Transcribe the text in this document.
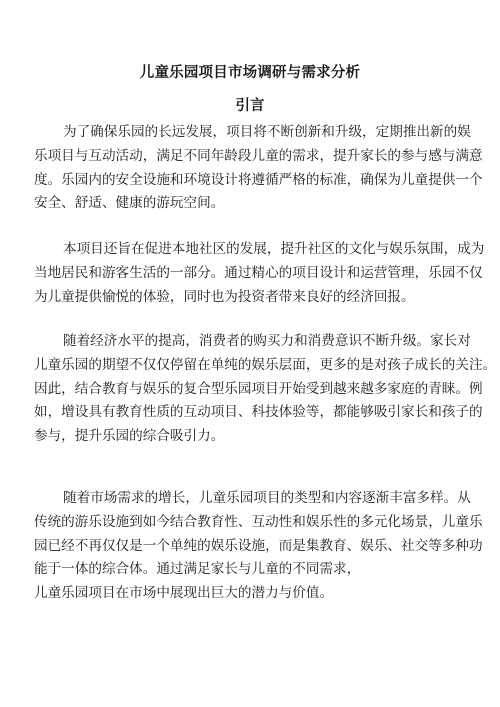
儿童乐园项目市场调研与需求分析
引言
为了确保乐园的长远发展，项目将不断创新和升级，定期推出新的娱
乐项目与互动活动，满足不同年龄段儿童的需求，提升家长的参与感与满意
度。乐园内的安全设施和环境设计将遵循严格的标准，确保为儿童提供一个
安全、舒适、健康的游玩空间。
本项目还旨在促进本地社区的发展，提升社区的文化与娱乐氛围，成为
当地居民和游客生活的一部分。通过精心的项目设计和运营管理，乐园不仅
为儿童提供愉悦的体验，同时也为投资者带来良好的经济回报。
随着经济水平的提高，消费者的购买力和消费意识不断升级。家长对
儿童乐园的期望不仅仅停留在单纯的娱乐层面，更多的是对孩子成长的关注。
因此，结合教育与娱乐的复合型乐园项目开始受到越来越多家庭的青睐。例
如，增设具有教育性质的互动项目、科技体验等，都能够吸引家长和孩子的
参与，提升乐园的综合吸引力。
随着市场需求的增长，儿童乐园项目的类型和内容逐渐丰富多样。从
传统的游乐设施到如今结合教育性、互动性和娱乐性的多元化场景，儿童乐
园已经不再仅仅是一个单纯的娱乐设施，而是集教育、娱乐、社交等多种功
能于一体的综合体。通过满足家长与儿童的不同需求，
儿童乐园项目在市场中展现出巨大的潜力与价值。
